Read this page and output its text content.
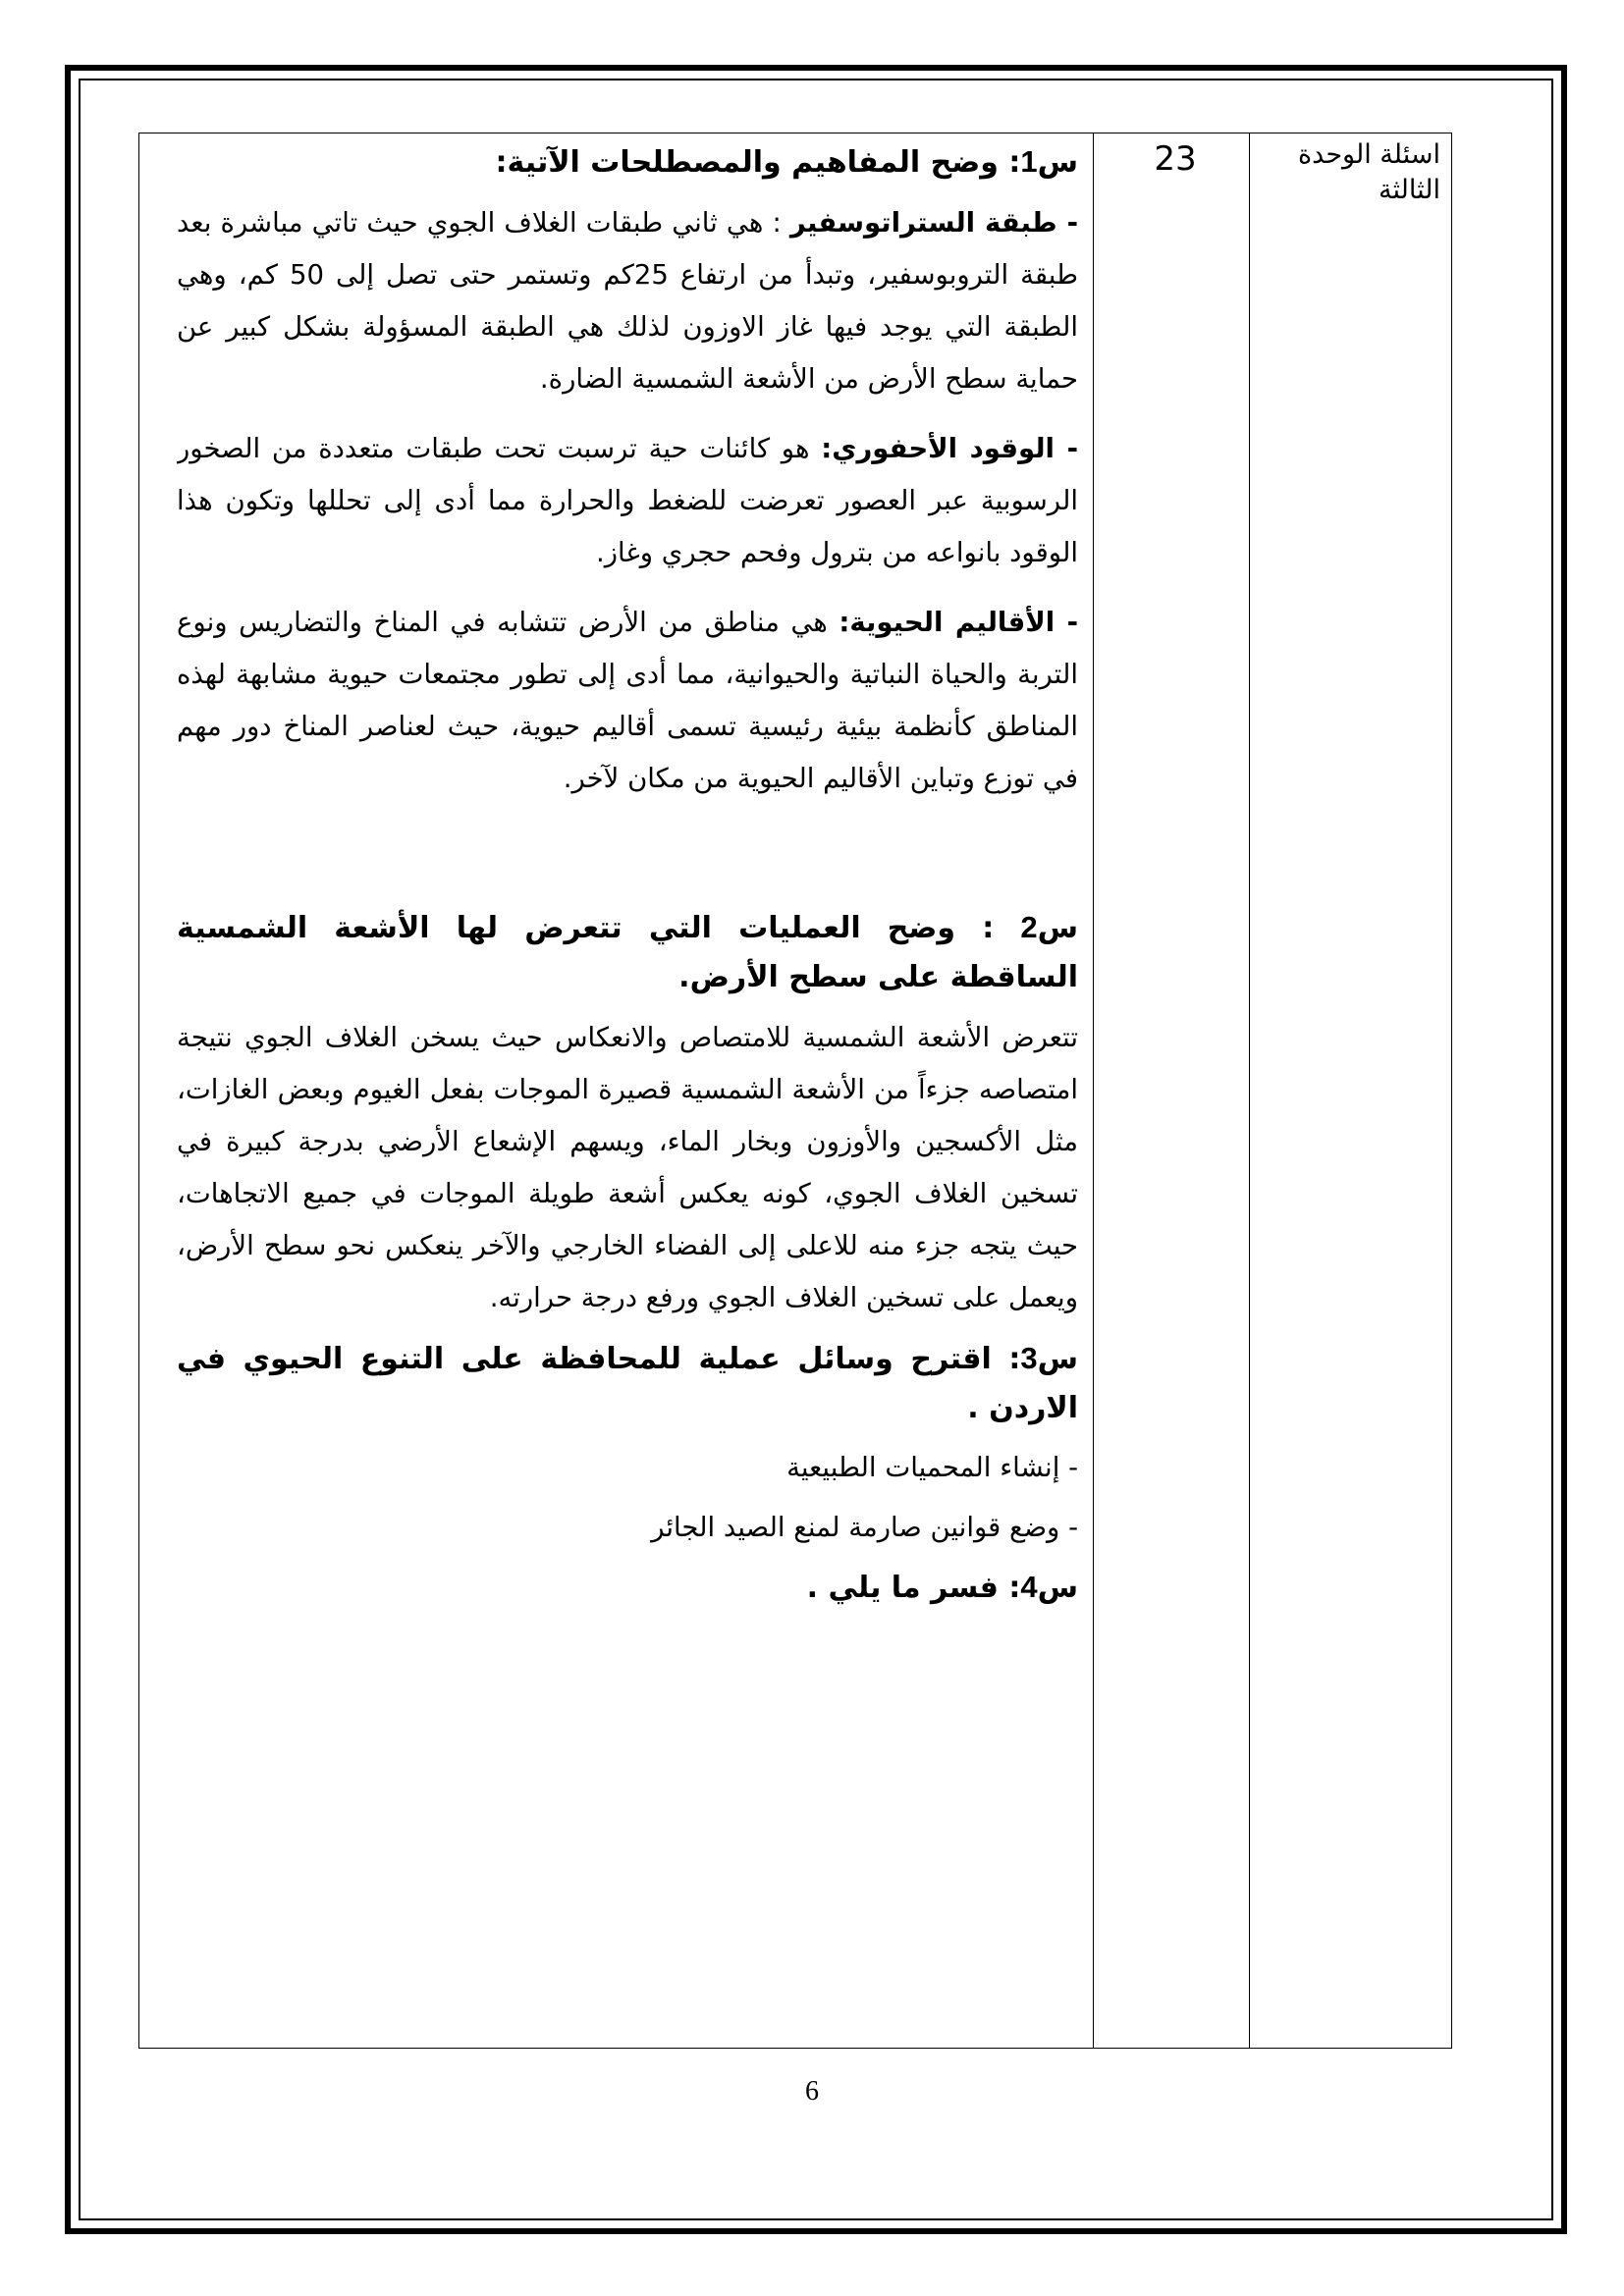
اسئلة الوحدة الثالثة
23

س1: وضح المفاهيم والمصطلحات الآتية:

- طبقة الستراتوسفير : هي ثاني طبقات الغلاف الجوي حيث تاتي مباشرة بعد طبقة التروبوسفير، وتبدأ من ارتفاع 25كم وتستمر حتى تصل إلى 50 كم، وهي الطبقة التي يوجد فيها غاز الاوزون لذلك هي الطبقة المسؤولة بشكل كبير عن حماية سطح الأرض من الأشعة الشمسية الضارة.

- الوقود الأحفوري: هو كائنات حية ترسبت تحت طبقات متعددة من الصخور الرسوبية عبر العصور تعرضت للضغط والحرارة مما أدى إلى تحللها وتكون هذا الوقود بانواعه من بترول وفحم حجري وغاز.

- الأقاليم الحيوية: هي مناطق من الأرض تتشابه في المناخ والتضاريس ونوع التربة والحياة النباتية والحيوانية، مما أدى إلى تطور مجتمعات حيوية مشابهة لهذه المناطق كأنظمة بيئية رئيسية تسمى أقاليم حيوية، حيث لعناصر المناخ دور مهم في توزع وتباين الأقاليم الحيوية من مكان لآخر.

س2 : وضح العمليات التي تتعرض لها الأشعة الشمسية الساقطة على سطح الأرض.

تتعرض الأشعة الشمسية للامتصاص والانعكاس حيث يسخن الغلاف الجوي نتيجة امتصاصه جزءاً من الأشعة الشمسية قصيرة الموجات بفعل الغيوم وبعض الغازات، مثل الأكسجين والأوزون وبخار الماء، ويسهم الإشعاع الأرضي بدرجة كبيرة في تسخين الغلاف الجوي، كونه يعكس أشعة طويلة الموجات في جميع الاتجاهات، حيث يتجه جزء منه للاعلى إلى الفضاء الخارجي والآخر ينعكس نحو سطح الأرض، ويعمل على تسخين الغلاف الجوي ورفع درجة حرارته.

س3: اقترح وسائل عملية للمحافظة على التنوع الحيوي في الاردن .

- إنشاء المحميات الطبيعية

- وضع قوانين صارمة لمنع الصيد الجائر

س4: فسر ما يلي .

6
